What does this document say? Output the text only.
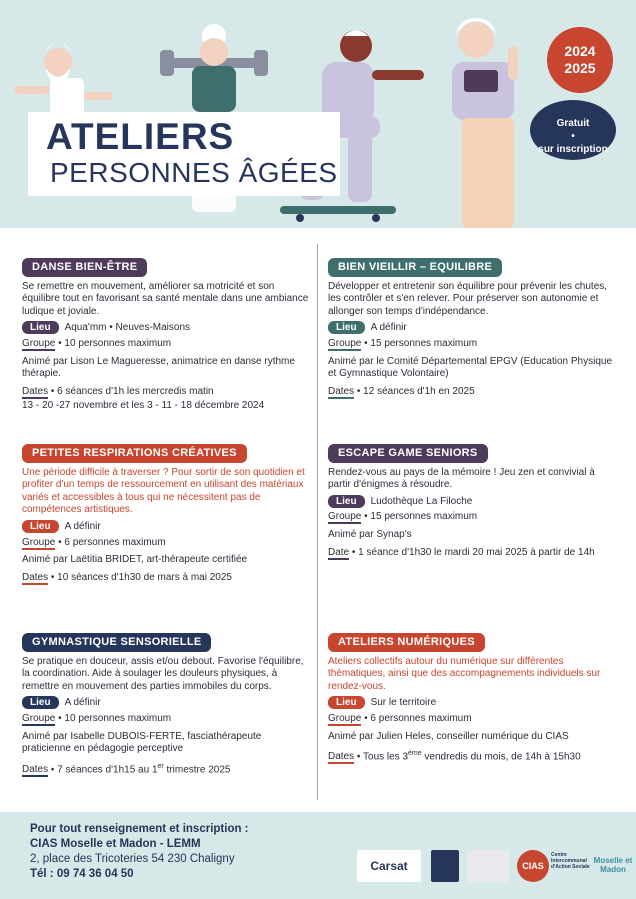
ATELIERS
PERSONNES ÂGÉES
2024
2025
Gratuit
•
sur inscription
DANSE BIEN-ÊTRE
Se remettre en mouvement, améliorer sa motricité et son équilibre tout en favorisant sa santé mentale dans une ambiance ludique et joviale.
Lieu Aqua'mm • Neuves-Maisons
Groupe • 10 personnes maximum
Animé par Lison Le Magueresse, animatrice en danse rythme thérapie.
Dates • 6 séances d'1h les mercredis matin
13 - 20 -27 novembre et les 3 - 11 - 18 décembre 2024
BIEN VIEILLIR – EQUILIBRE
Développer et entretenir son équilibre pour prévenir les chutes, les contrôler et s'en relever. Pour préserver son autonomie et allonger son temps d'indépendance.
Lieu A définir
Groupe • 15 personnes maximum
Animé par le Comité Départemental EPGV (Education Physique et Gymnastique Volontaire)
Dates • 12 séances d'1h en 2025
PETITES RESPIRATIONS CRÉATIVES
Une période difficile à traverser ? Pour sortir de son quotidien et profiter d'un temps de ressourcement en utilisant des matériaux variés et accessibles à tous qui ne nécessitent pas de compétences artistiques.
Lieu A définir
Groupe • 6 personnes maximum
Animé par Laëtitia BRIDET, art-thérapeute certifiée
Dates • 10 séances d'1h30 de mars à mai 2025
ESCAPE GAME SENIORS
Rendez-vous au pays de la mémoire ! Jeu zen et convivial à partir d'énigmes à résoudre.
Lieu Ludothèque La Filoche
Groupe • 15 personnes maximum
Animé par Synap's
Date • 1 séance d'1h30 le mardi 20 mai 2025 à partir de 14h
GYMNASTIQUE SENSORIELLE
Se pratique en douceur, assis et/ou debout. Favorise l'équilibre, la coordination. Aide à soulager les douleurs physiques, à remettre en mouvement des parties immobiles du corps.
Lieu A définir
Groupe • 10 personnes maximum
Animé par Isabelle DUBOIS-FERTE, fasciathérapeute praticienne en pédagogie perceptive
Dates • 7 séances d'1h15 au 1er trimestre 2025
ATELIERS NUMÉRIQUES
Ateliers collectifs autour du numérique sur différentes thématiques, ainsi que des accompagnements individuels sur rendez-vous.
Lieu Sur le territoire
Groupe • 6 personnes maximum
Animé par Julien Heles, conseiller numérique du CIAS
Dates • Tous les 3ème vendredis du mois, de 14h à 15h30
Pour tout renseignement et inscription :
CIAS Moselle et Madon - LEMM
2, place des Tricoteries 54 230 Chaligny
Tél : 09 74 36 04 50
Carsat	CIAS
Centre Intercommunal d'Action Sociale
Moselle et Madon
